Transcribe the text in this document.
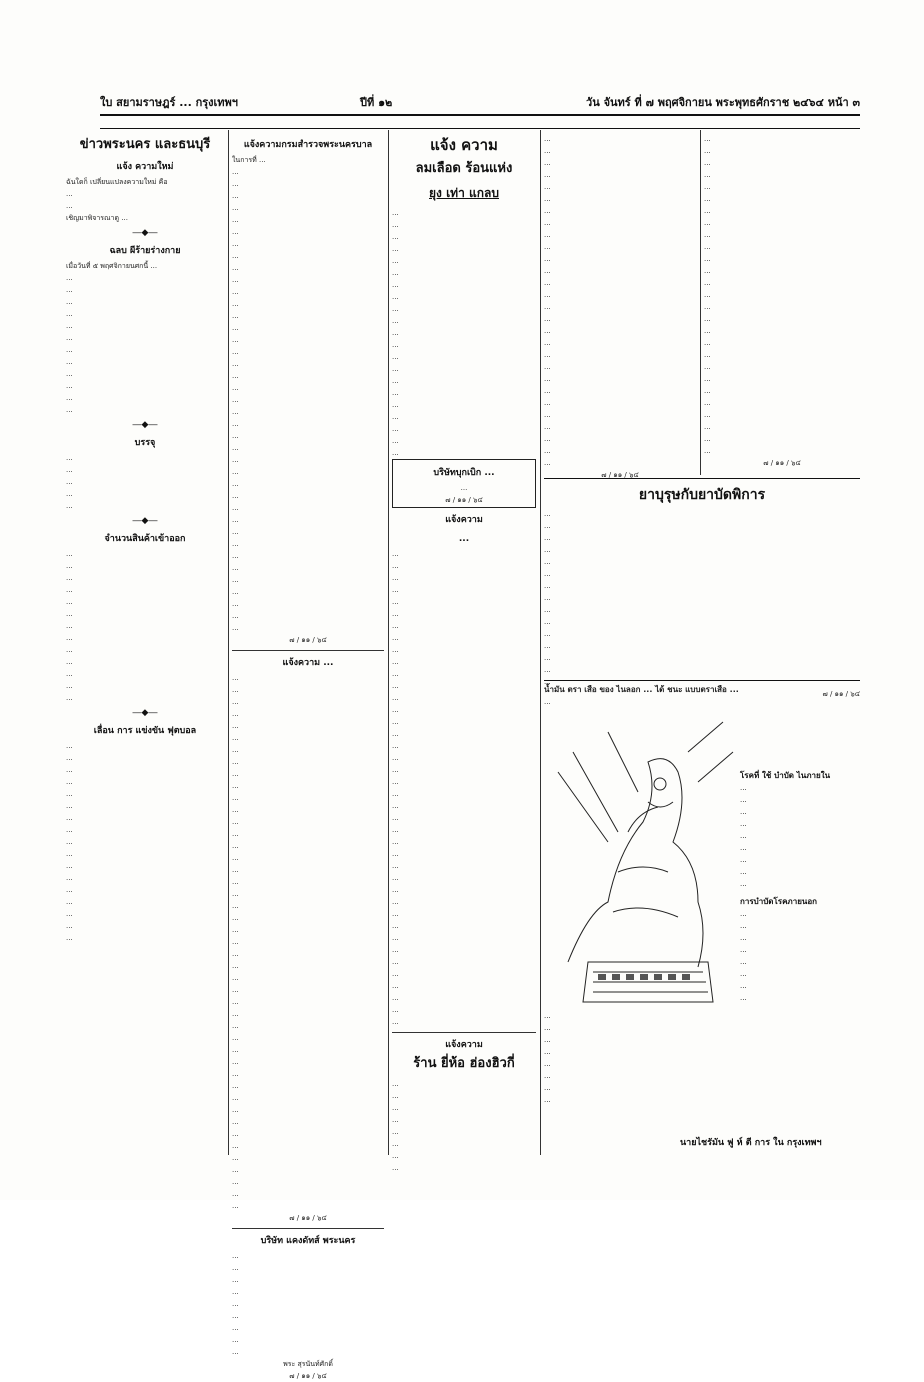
ใบ สยามราษฎร์ ... กรุงเทพฯ	ปีที่ ๑๒	วัน จันทร์ ที่ ๗ พฤศจิกายน พระพุทธศักราช ๒๔๖๔ หน้า ๓
ข่าวพระนคร และธนบุรี
แจ้ง ความใหม่
ฉันใดก็ เปลี่ยนแปลงความใหม่ คือ
...
...
เชิญมาพิจารณาดู ...
―◆―
ฉลบ ผีร้ายร่างกาย
เมื่อวันที่ ๕ พฤศจิกายนศกนี้ ...
...
...
...
...
...
...
...
...
...
...
...
...
―◆―
บรรจุ
...
...
...
...
...
―◆―
จำนวนสินค้าเข้าออก
...
...
...
...
...
...
...
...
...
...
...
...
...
―◆―
เลื่อน การ แข่งขัน ฟุตบอล
...
...
...
...
...
...
...
...
...
...
...
...
...
...
...
...
...
แจ้งความกรมสำรวจพระนครบาล
ในการที่ ...
...
...
...
...
...
...
...
...
...
...
...
...
...
...
...
...
...
...
...
...
...
...
...
...
...
...
...
...
...
...
...
...
...
...
...
...
...
...
...
๗ / ๑๑ / ๖๔
แจ้งความ ...
...
...
...
...
...
...
...
...
...
...
...
...
...
...
...
...
...
...
...
...
...
...
...
...
...
...
...
...
...
...
...
...
...
...
...
...
...
...
...
...
...
...
...
...
...
๗ / ๑๑ / ๖๔
บริษัท แคงดัทส์ พระนคร
...
...
...
...
...
...
...
...
...
พระ สุรนันท์ศักดิ์
๗ / ๑๑ / ๖๔
แจ้ง ความ
ลมเลือด ร้อนแห่ง
ยุง เท่า แกลบ
...
...
...
...
...
...
...
...
...
...
...
...
...
...
...
...
...
...
...
...
...
บริษัทบุกเบิก ...
...
๗ / ๑๑ / ๖๔
แจ้งความ
...
...
...
...
...
...
...
...
...
...
...
...
...
...
...
...
...
...
...
...
...
...
...
...
...
...
...
...
...
...
...
...
...
...
...
...
...
...
...
...
...
แจ้งความ
ร้าน ยี่ห้อ ฮ่องฮิวกี่
...
...
...
...
...
...
...
...
...
...
...
...
...
...
...
...
...
...
...
...
...
...
...
...
...
...
...
...
...
...
...
...
...
...
...
...
๗ / ๑๑ / ๖๔
...
...
...
...
...
...
...
...
...
...
...
...
...
...
...
...
...
...
...
...
...
...
...
...
...
...
...
๗ / ๑๑ / ๖๔
ยาบุรุษกับยาบัดพิการ
...
...
...
...
...
...
...
...
...
...
...
...
...
...
...
๗ / ๑๑ / ๖๔
น้ำมัน ตรา เสือ ของ ไนลอก ... ได้ ชนะ แบบตราเสือ ...
...
โรคที่ ใช้ บำบัด ไนภายใน
...
...
...
...
...
...
...
...
...
การบำบัดโรคภายนอก
...
...
...
...
...
...
...
...
...
...
...
...
...
...
...
...
นายไชรัมัน ฟู ห์ ตี การ ใน กรุงเทพฯ
